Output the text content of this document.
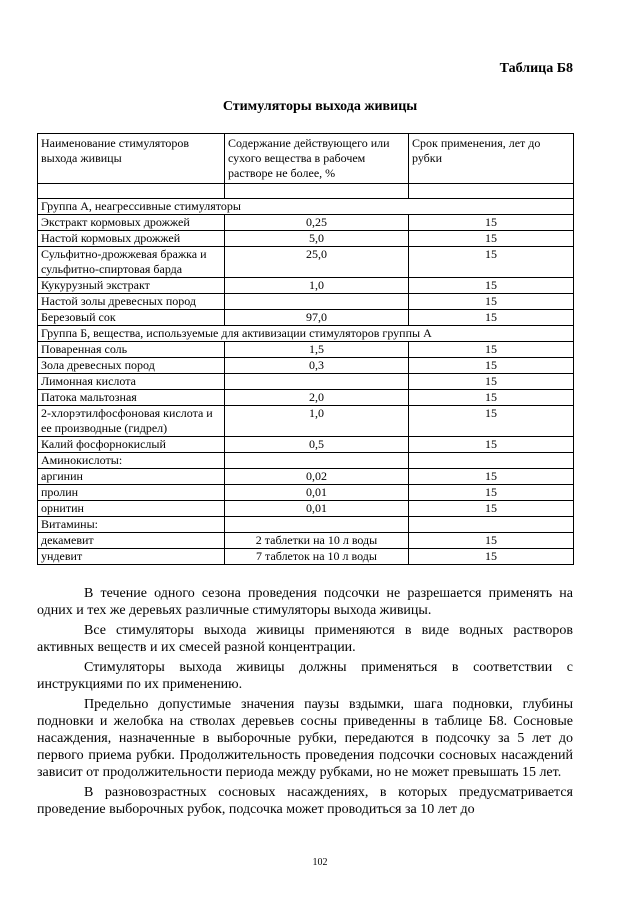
Таблица Б8
Стимуляторы выхода живицы
Наименование стимуляторов выхода живицы	Содержание действующего или сухого вещества в рабочем растворе не более, %	Срок применения, лет до рубки

Группа А, неагрессивные стимуляторы		
Экстракт кормовых дрожжей	0,25	15
Настой кормовых дрожжей	5,0	15
Сульфитно-дрожжевая бражка и сульфитно-спиртовая барда	25,0	15
Кукурузный экстракт	1,0	15
Настой золы древесных пород		15
Березовый сок	97,0	15
Группа Б, вещества, используемые для активизации стимуляторов группы А		
Поваренная соль	1,5	15
Зола древесных пород	0,3	15
Лимонная кислота		15
Патока мальтозная	2,0	15
2-хлорэтилфосфоновая кислота и ее производные (гидрел)	1,0	15
Калий фосфорнокислый	0,5	15
Аминокислоты:		
аргинин	0,02	15
пролин	0,01	15
орнитин	0,01	15
Витамины:		
декамевит	2 таблетки на 10 л воды	15
ундевит	7 таблеток на 10 л воды	15

В течение одного сезона проведения подсочки не разрешается применять на одних и тех же деревьях различные стимуляторы выхода живицы.

Все стимуляторы выхода живицы применяются в виде водных растворов активных веществ и их смесей разной концентрации.

Стимуляторы выхода живицы должны применяться в соответствии с инструкциями по их применению.

Предельно допустимые значения паузы вздымки, шага подновки, глубины подновки и желобка на стволах деревьев сосны приведенны в таблице Б8. Сосновые насаждения, назначенные в выборочные рубки, передаются в подсочку за 5 лет до первого приема рубки. Продолжительность проведения подсочки сосновых насаждений зависит от продолжительности периода между рубками, но не может превышать 15 лет.

В разновозрастных сосновых насаждениях, в которых предусматривается проведение выборочных рубок, подсочка может проводиться за 10 лет до

102
